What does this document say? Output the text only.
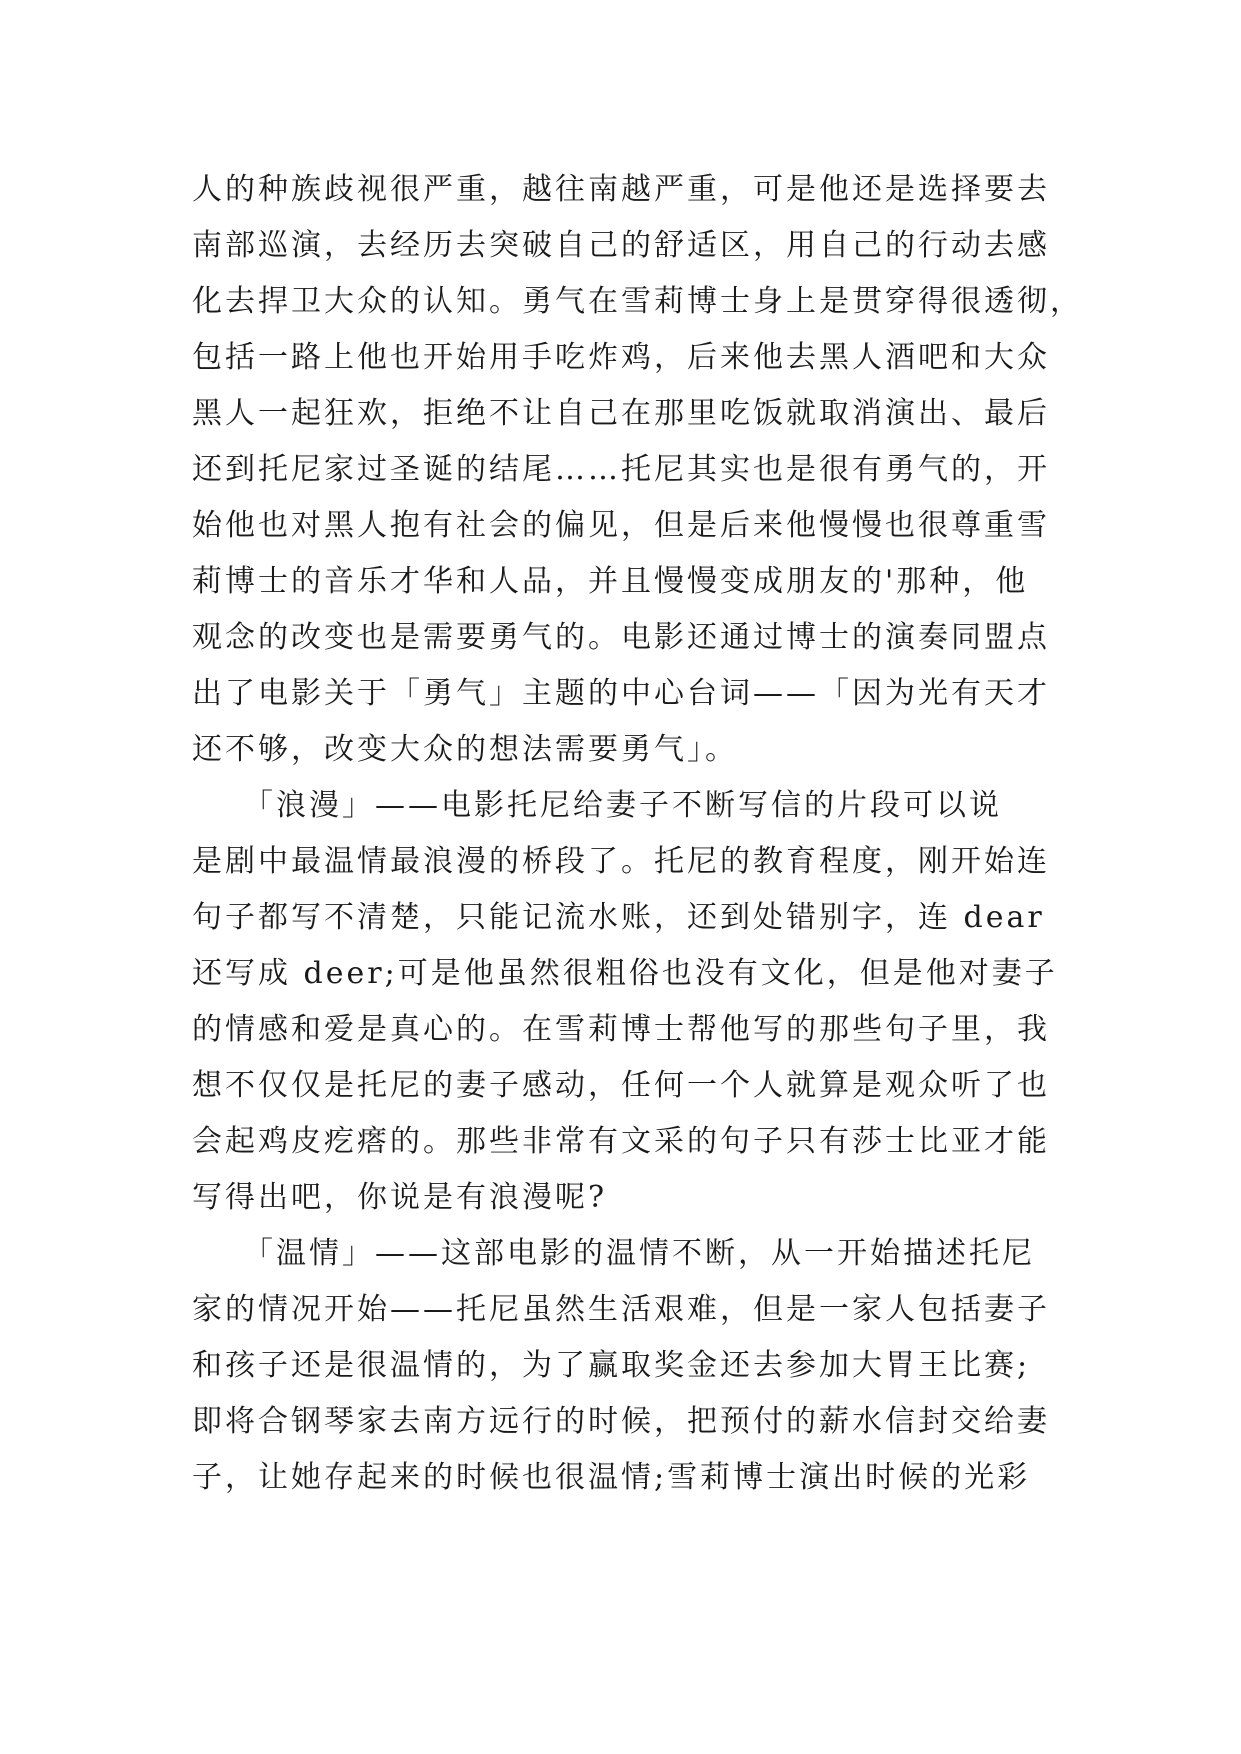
人的种族歧视很严重，越往南越严重，可是他还是选择要去
南部巡演，去经历去突破自己的舒适区，用自己的行动去感
化去捍卫大众的认知。勇气在雪莉博士身上是贯穿得很透彻，
包括一路上他也开始用手吃炸鸡，后来他去黑人酒吧和大众
黑人一起狂欢，拒绝不让自己在那里吃饭就取消演出、最后
还到托尼家过圣诞的结尾……托尼其实也是很有勇气的，开
始他也对黑人抱有社会的偏见，但是后来他慢慢也很尊重雪
莉博士的音乐才华和人品，并且慢慢变成朋友的'那种，他
观念的改变也是需要勇气的。电影还通过博士的演奏同盟点
出了电影关于「勇气」主题的中心台词——「因为光有天才
还不够，改变大众的想法需要勇气」。
　　「浪漫」——电影托尼给妻子不断写信的片段可以说
是剧中最温情最浪漫的桥段了。托尼的教育程度，刚开始连
句子都写不清楚，只能记流水账，还到处错别字，连 dear
还写成 deer;可是他虽然很粗俗也没有文化，但是他对妻子
的情感和爱是真心的。在雪莉博士帮他写的那些句子里，我
想不仅仅是托尼的妻子感动，任何一个人就算是观众听了也
会起鸡皮疙瘩的。那些非常有文采的句子只有莎士比亚才能
写得出吧，你说是有浪漫呢?
　　「温情」——这部电影的温情不断，从一开始描述托尼
家的情况开始——托尼虽然生活艰难，但是一家人包括妻子
和孩子还是很温情的，为了赢取奖金还去参加大胃王比赛;
即将合钢琴家去南方远行的时候，把预付的薪水信封交给妻
子，让她存起来的时候也很温情;雪莉博士演出时候的光彩
